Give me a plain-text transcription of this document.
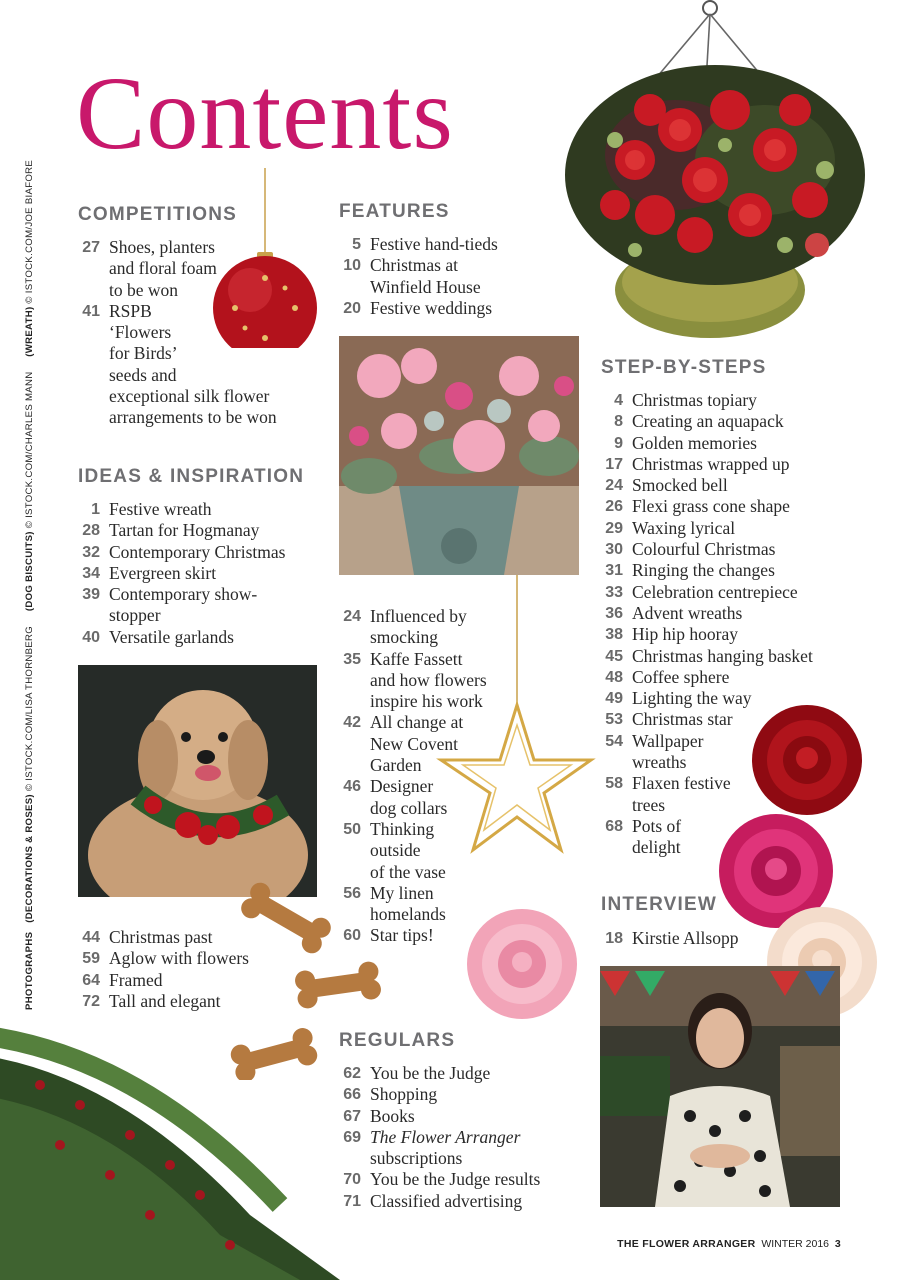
Contents
PHOTOGRAPHS   (DECORATIONS & ROSES) © ISTOCK.COM/LISA THORNBERG     (DOG BISCUITS) © ISTOCK.COM/CHARLES MANN     (WREATH) © ISTOCK.COM/JOE BIAFORE COMPETITIONS
27 Shoes, planters
and floral foam
to be won
41 RSPB
‘Flowers
for Birds’
seeds and
exceptional silk flower
arrangements to be won
IDEAS & INSPIRATION
1 Festive wreath
28 Tartan for Hogmanay
32 Contemporary Christmas
34 Evergreen skirt
39 Contemporary show-
stopper
40 Versatile garlands
44 Christmas past
59 Aglow with flowers
64 Framed
72 Tall and elegant
FEATURES
5 Festive hand-tieds
10 Christmas at
Winfield House
20 Festive weddings
24 Influenced by
smocking
35 Kaffe Fassett
and how flowers
inspire his work
42 All change at
New Covent
Garden
46 Designer
dog collars
50 Thinking
outside
of the vase
56 My linen
homelands
60 Star tips!
REGULARS
62 You be the Judge
66 Shopping
67 Books
69 The Flower Arranger
subscriptions
70 You be the Judge results
71 Classified advertising
STEP-BY-STEPS
4 Christmas topiary
8 Creating an aquapack
9 Golden memories
17 Christmas wrapped up
24 Smocked bell
26 Flexi grass cone shape
29 Waxing lyrical
30 Colourful Christmas
31 Ringing the changes
33 Celebration centrepiece
36 Advent wreaths
38 Hip hip hooray
45 Christmas hanging basket
48 Coffee sphere
49 Lighting the way
53 Christmas star
54 Wallpaper
wreaths
58 Flaxen festive
trees
68 Pots of
delight
INTERVIEW
18 Kirstie Allsopp
THE FLOWER ARRANGER WINTER 2016 3
